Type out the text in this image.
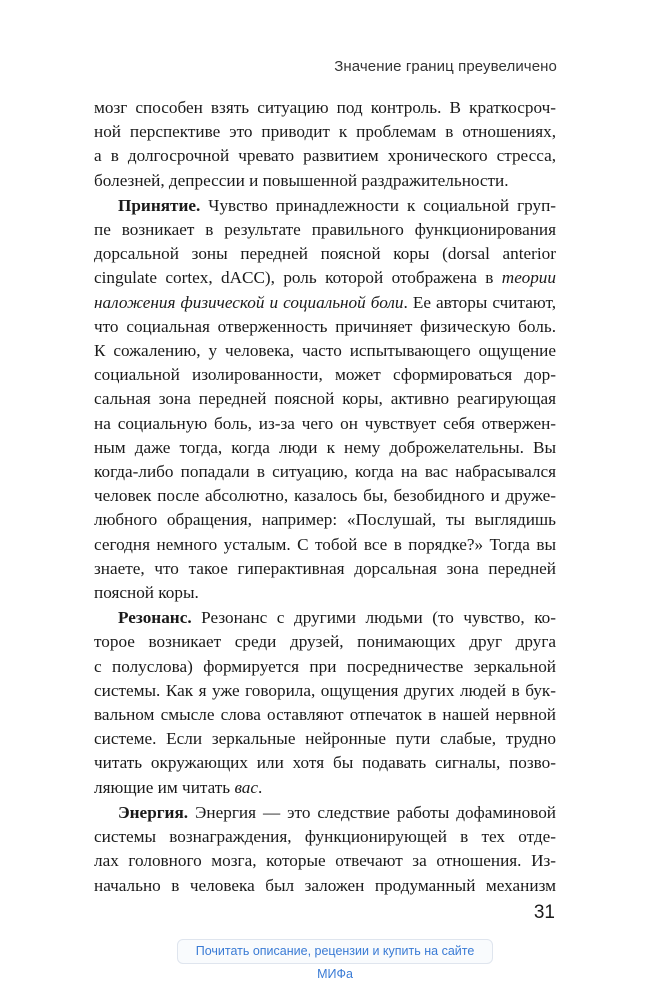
Значение границ преувеличено

мозг способен взять ситуацию под контроль. В краткосроч-
ной перспективе это приводит к проблемам в отношениях,
а в долгосрочной чревато развитием хронического стресса,
болезней, депрессии и повышенной раздражительности.

Принятие. Чувство принадлежности к социальной груп-
пе возникает в результате правильного функционирования
дорсальной зоны передней поясной коры (dorsal anterior
cingulate cortex, dACC), роль которой отображена в теории
наложения физической и социальной боли. Ее авторы считают,
что социальная отверженность причиняет физическую боль.
К сожалению, у человека, часто испытывающего ощущение
социальной изолированности, может сформироваться дор-
сальная зона передней поясной коры, активно реагирующая
на социальную боль, из-за чего он чувствует себя отвержен-
ным даже тогда, когда люди к нему доброжелательны. Вы
когда-либо попадали в ситуацию, когда на вас набрасывался
человек после абсолютно, казалось бы, безобидного и друже-
любного обращения, например: «Послушай, ты выглядишь
сегодня немного усталым. С тобой все в порядке?» Тогда вы
знаете, что такое гиперактивная дорсальная зона передней
поясной коры.

Резонанс. Резонанс с другими людьми (то чувство, ко-
торое возникает среди друзей, понимающих друг друга
с полуслова) формируется при посредничестве зеркальной
системы. Как я уже говорила, ощущения других людей в бук-
вальном смысле слова оставляют отпечаток в нашей нервной
системе. Если зеркальные нейронные пути слабые, трудно
читать окружающих или хотя бы подавать сигналы, позво-
ляющие им читать вас.

Энергия. Энергия — это следствие работы дофаминовой
системы вознаграждения, функционирующей в тех отде-
лах головного мозга, которые отвечают за отношения. Из-
начально в человека был заложен продуманный механизм

31
Почитать описание, рецензии и купить на сайте МИФа
